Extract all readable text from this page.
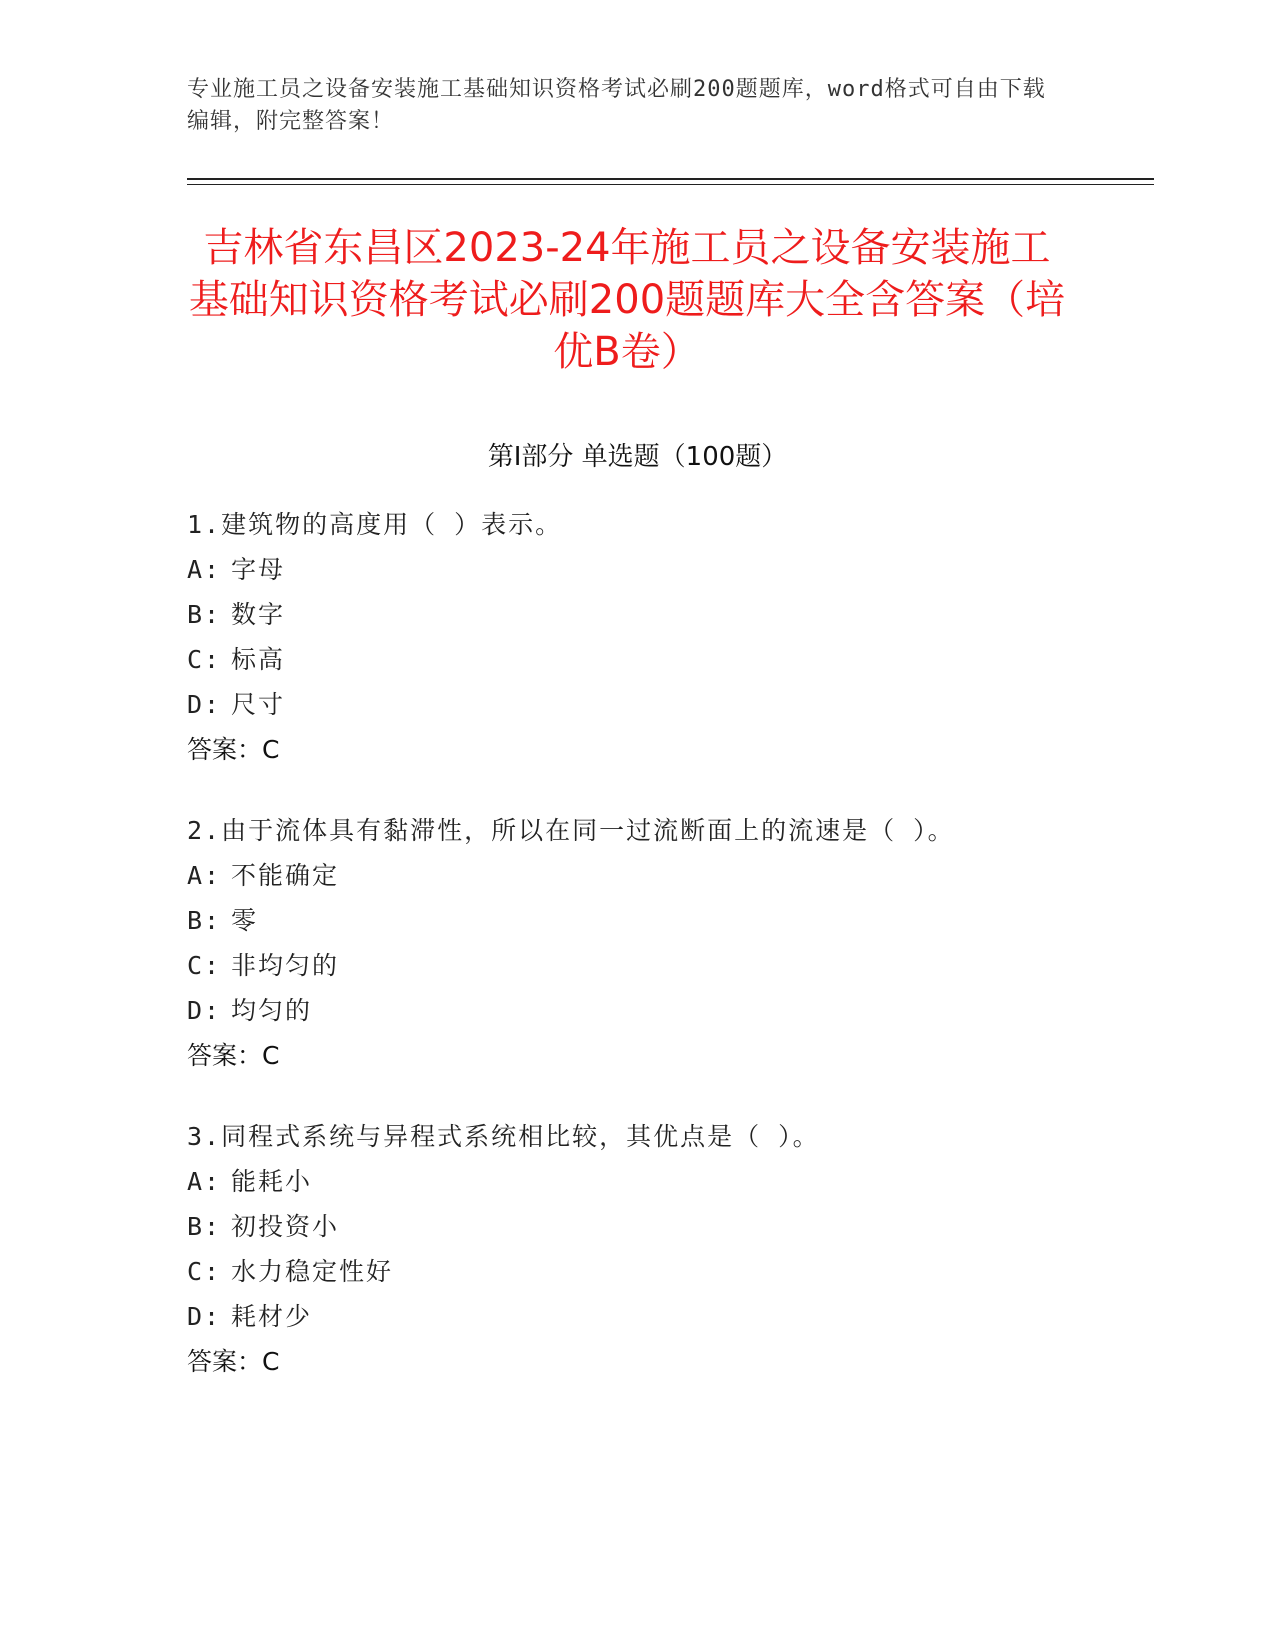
专业施工员之设备安装施工基础知识资格考试必刷200题题库，word格式可自由下载编辑，附完整答案！
吉林省东昌区2023-24年施工员之设备安装施工基础知识资格考试必刷200题题库大全含答案（培优B卷）
第I部分 单选题（100题）
1.建筑物的高度用（ ）表示。
A: 字母
B: 数字
C: 标高
D: 尺寸
答案：C
2.由于流体具有黏滞性，所以在同一过流断面上的流速是（ ）。
A: 不能确定
B: 零
C: 非均匀的
D: 均匀的
答案：C
3.同程式系统与异程式系统相比较，其优点是（ ）。
A: 能耗小
B: 初投资小
C: 水力稳定性好
D: 耗材少
答案：C
